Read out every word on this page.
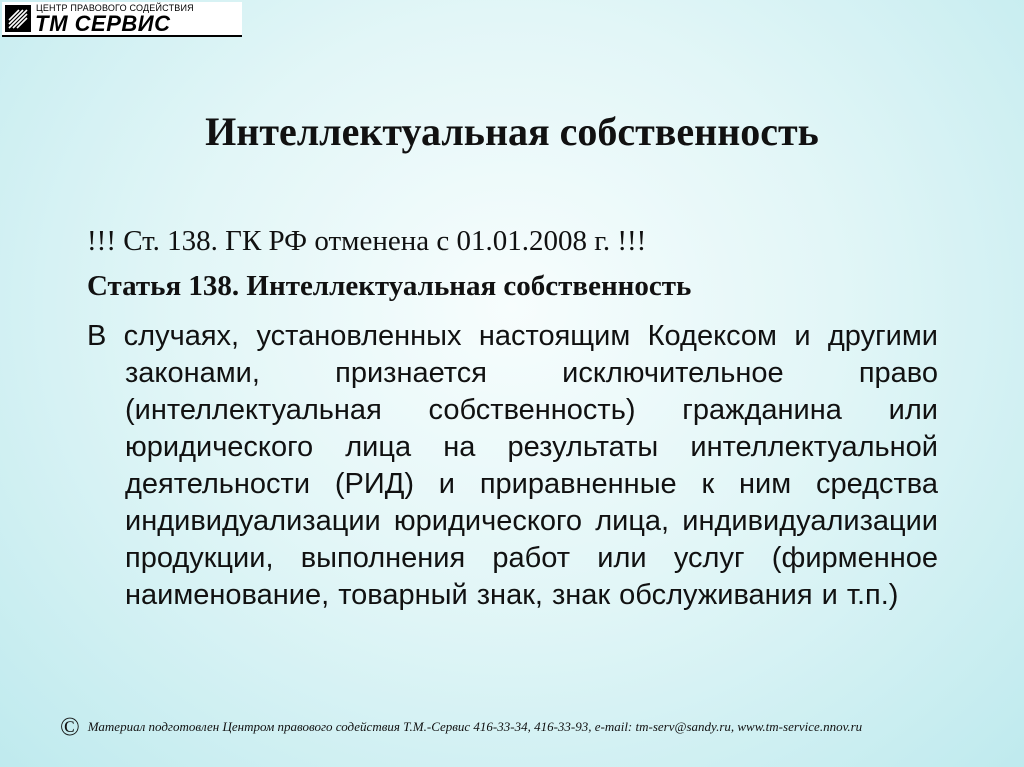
ЦЕНТР ПРАВОВОГО СОДЕЙСТВИЯ
ТМ СЕРВИС
Интеллектуальная собственность
!!! Ст. 138. ГК РФ отменена с 01.01.2008 г. !!!
Статья 138. Интеллектуальная собственность
В случаях, установленных настоящим Кодексом и другими законами, признается исключительное право (интеллектуальная собственность) гражданина или юридического лица на результаты интеллектуальной деятельности (РИД) и приравненные к ним средства индивидуализации юридического лица, индивидуализации продукции, выполнения работ или услуг (фирменное наименование, товарный знак, знак обслуживания и т.п.)
© Материал подготовлен Центром правового содействия Т.М.-Сервис 416-33-34, 416-33-93, e-mail: tm-serv@sandy.ru, www.tm-service.nnov.ru
